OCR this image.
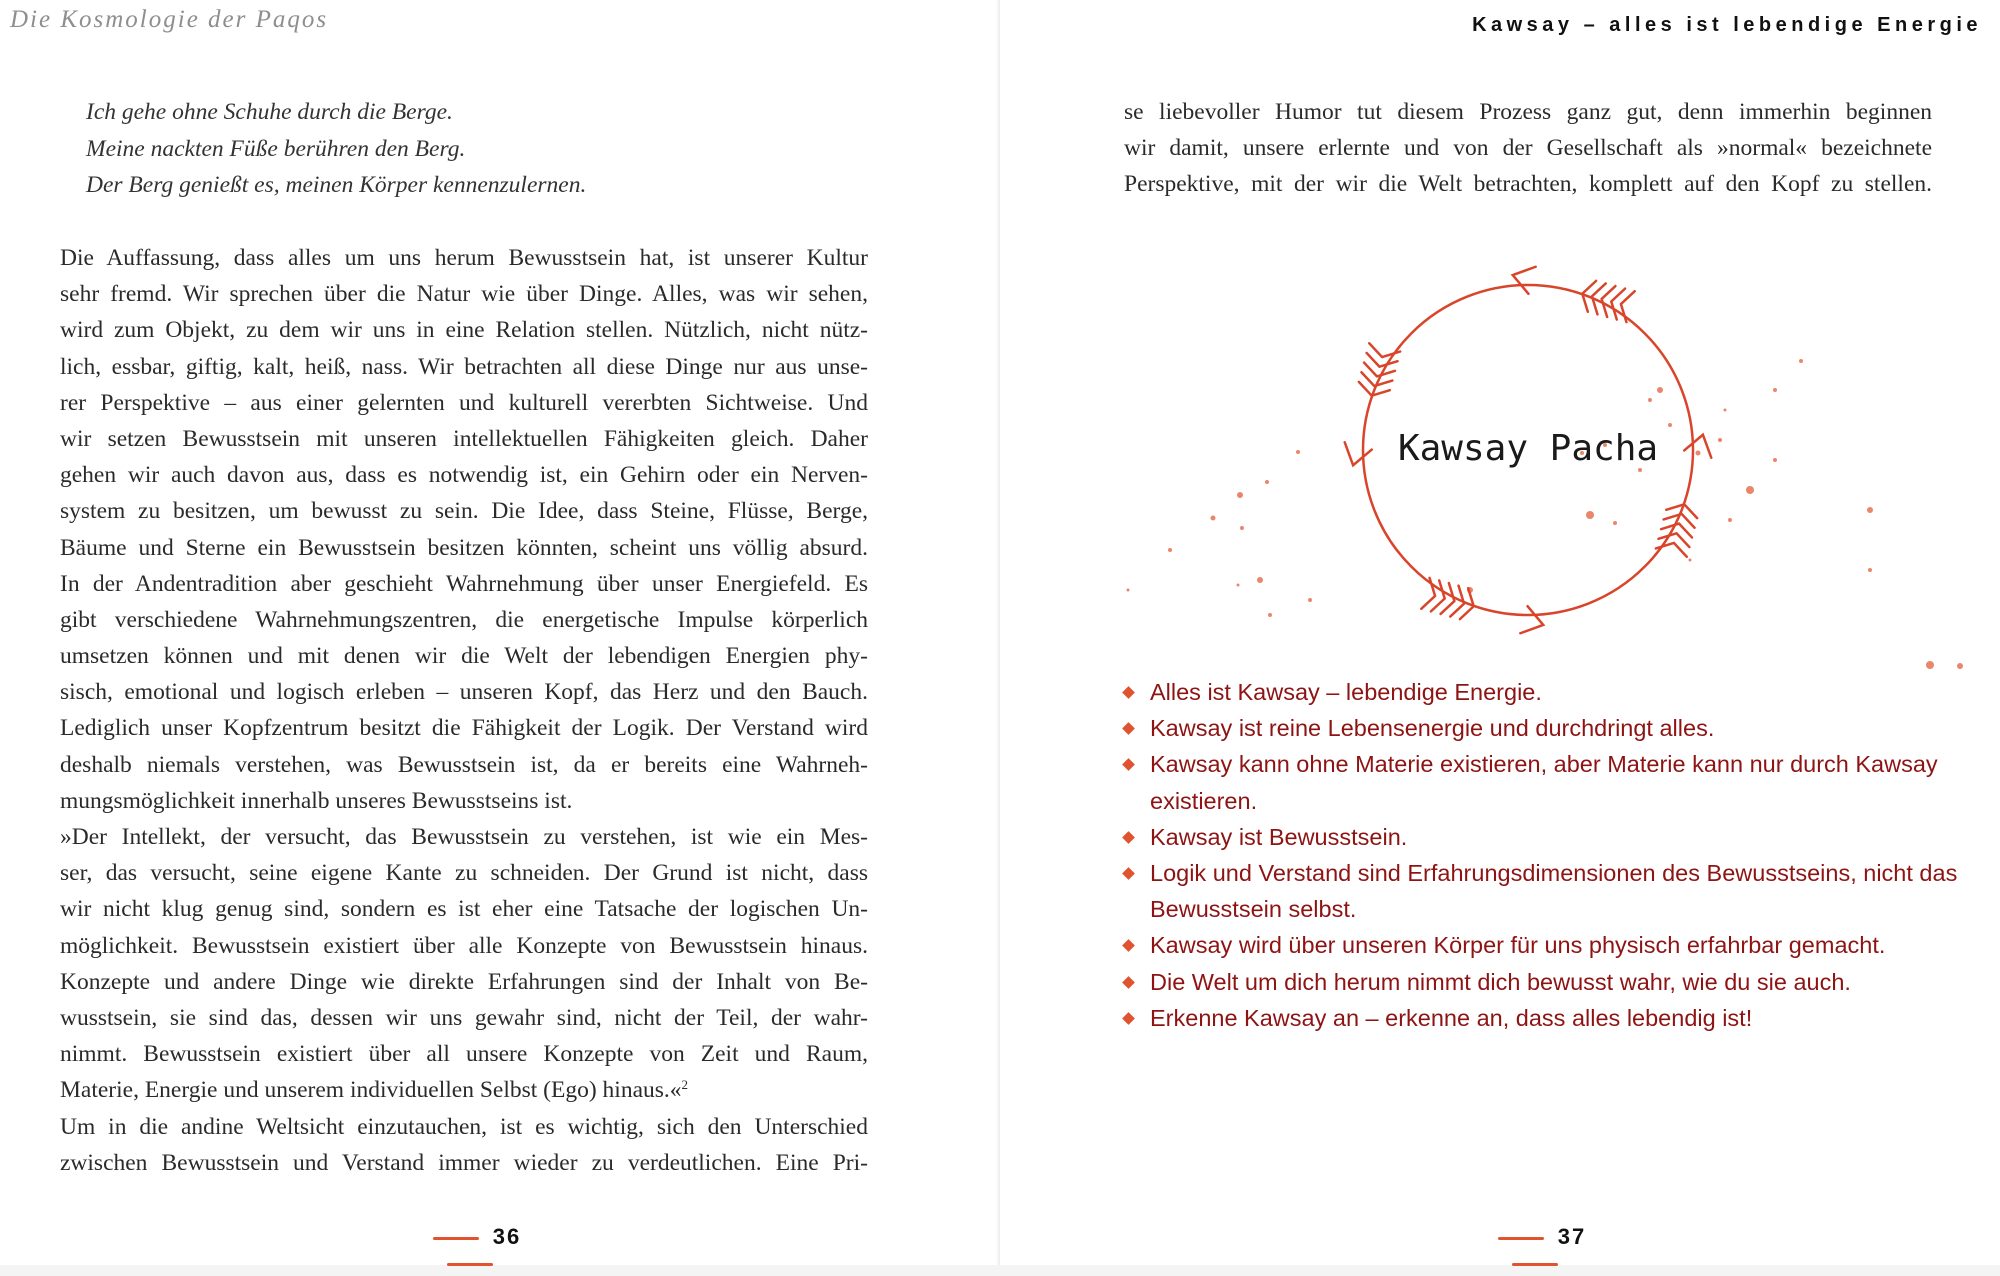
Die Kosmologie der Paqos
Ich gehe ohne Schuhe durch die Berge.
Meine nackten Füße berühren den Berg.
Der Berg genießt es, meinen Körper kennenzulernen.
Die Auffassung, dass alles um uns herum Bewusstsein hat, ist unserer Kultur
sehr fremd. Wir sprechen über die Natur wie über Dinge. Alles, was wir sehen,
wird zum Objekt, zu dem wir uns in eine Relation stellen. Nützlich, nicht nütz-
lich, essbar, giftig, kalt, heiß, nass. Wir betrachten all diese Dinge nur aus unse-
rer Perspektive – aus einer gelernten und kulturell vererbten Sichtweise. Und
wir setzen Bewusstsein mit unseren intellektuellen Fähigkeiten gleich. Daher
gehen wir auch davon aus, dass es notwendig ist, ein Gehirn oder ein Nerven-
system zu besitzen, um bewusst zu sein. Die Idee, dass Steine, Flüsse, Berge,
Bäume und Sterne ein Bewusstsein besitzen könnten, scheint uns völlig absurd.
In der Andentradition aber geschieht Wahrnehmung über unser Energiefeld. Es
gibt verschiedene Wahrnehmungszentren, die energetische Impulse körperlich
umsetzen können und mit denen wir die Welt der lebendigen Energien phy-
sisch, emotional und logisch erleben – unseren Kopf, das Herz und den Bauch.
Lediglich unser Kopfzentrum besitzt die Fähigkeit der Logik. Der Verstand wird
deshalb niemals verstehen, was Bewusstsein ist, da er bereits eine Wahrneh-
mungsmöglichkeit innerhalb unseres Bewusstseins ist.
»Der Intellekt, der versucht, das Bewusstsein zu verstehen, ist wie ein Mes-
ser, das versucht, seine eigene Kante zu schneiden. Der Grund ist nicht, dass
wir nicht klug genug sind, sondern es ist eher eine Tatsache der logischen Un-
möglichkeit. Bewusstsein existiert über alle Konzepte von Bewusstsein hinaus.
Konzepte und andere Dinge wie direkte Erfahrungen sind der Inhalt von Be-
wusstsein, sie sind das, dessen wir uns gewahr sind, nicht der Teil, der wahr-
nimmt. Bewusstsein existiert über all unsere Konzepte von Zeit und Raum,
Materie, Energie und unserem individuellen Selbst (Ego) hinaus.«$^2$
Um in die andine Weltsicht einzutauchen, ist es wichtig, sich den Unterschied
zwischen Bewusstsein und Verstand immer wieder zu verdeutlichen. Eine Pri-
36
Kawsay – alles ist lebendige Energie
37
se liebevoller Humor tut diesem Prozess ganz gut, denn immerhin beginnen
wir damit, unsere erlernte und von der Gesellschaft als »normal« bezeichnete
Perspektive, mit der wir die Welt betrachten, komplett auf den Kopf zu stellen.
Kawsay Pacha
Alles ist Kawsay – lebendige Energie.
Kawsay ist reine Lebensenergie und durchdringt alles.
Kawsay kann ohne Materie existieren, aber Materie kann nur durch Kawsay existieren.
Kawsay ist Bewusstsein.
Logik und Verstand sind Erfahrungsdimensionen des Bewusstseins, nicht das Bewusstsein selbst.
Kawsay wird über unseren Körper für uns physisch erfahrbar gemacht.
Die Welt um dich herum nimmt dich bewusst wahr, wie du sie auch.
Erkenne Kawsay an – erkenne an, dass alles lebendig ist!
